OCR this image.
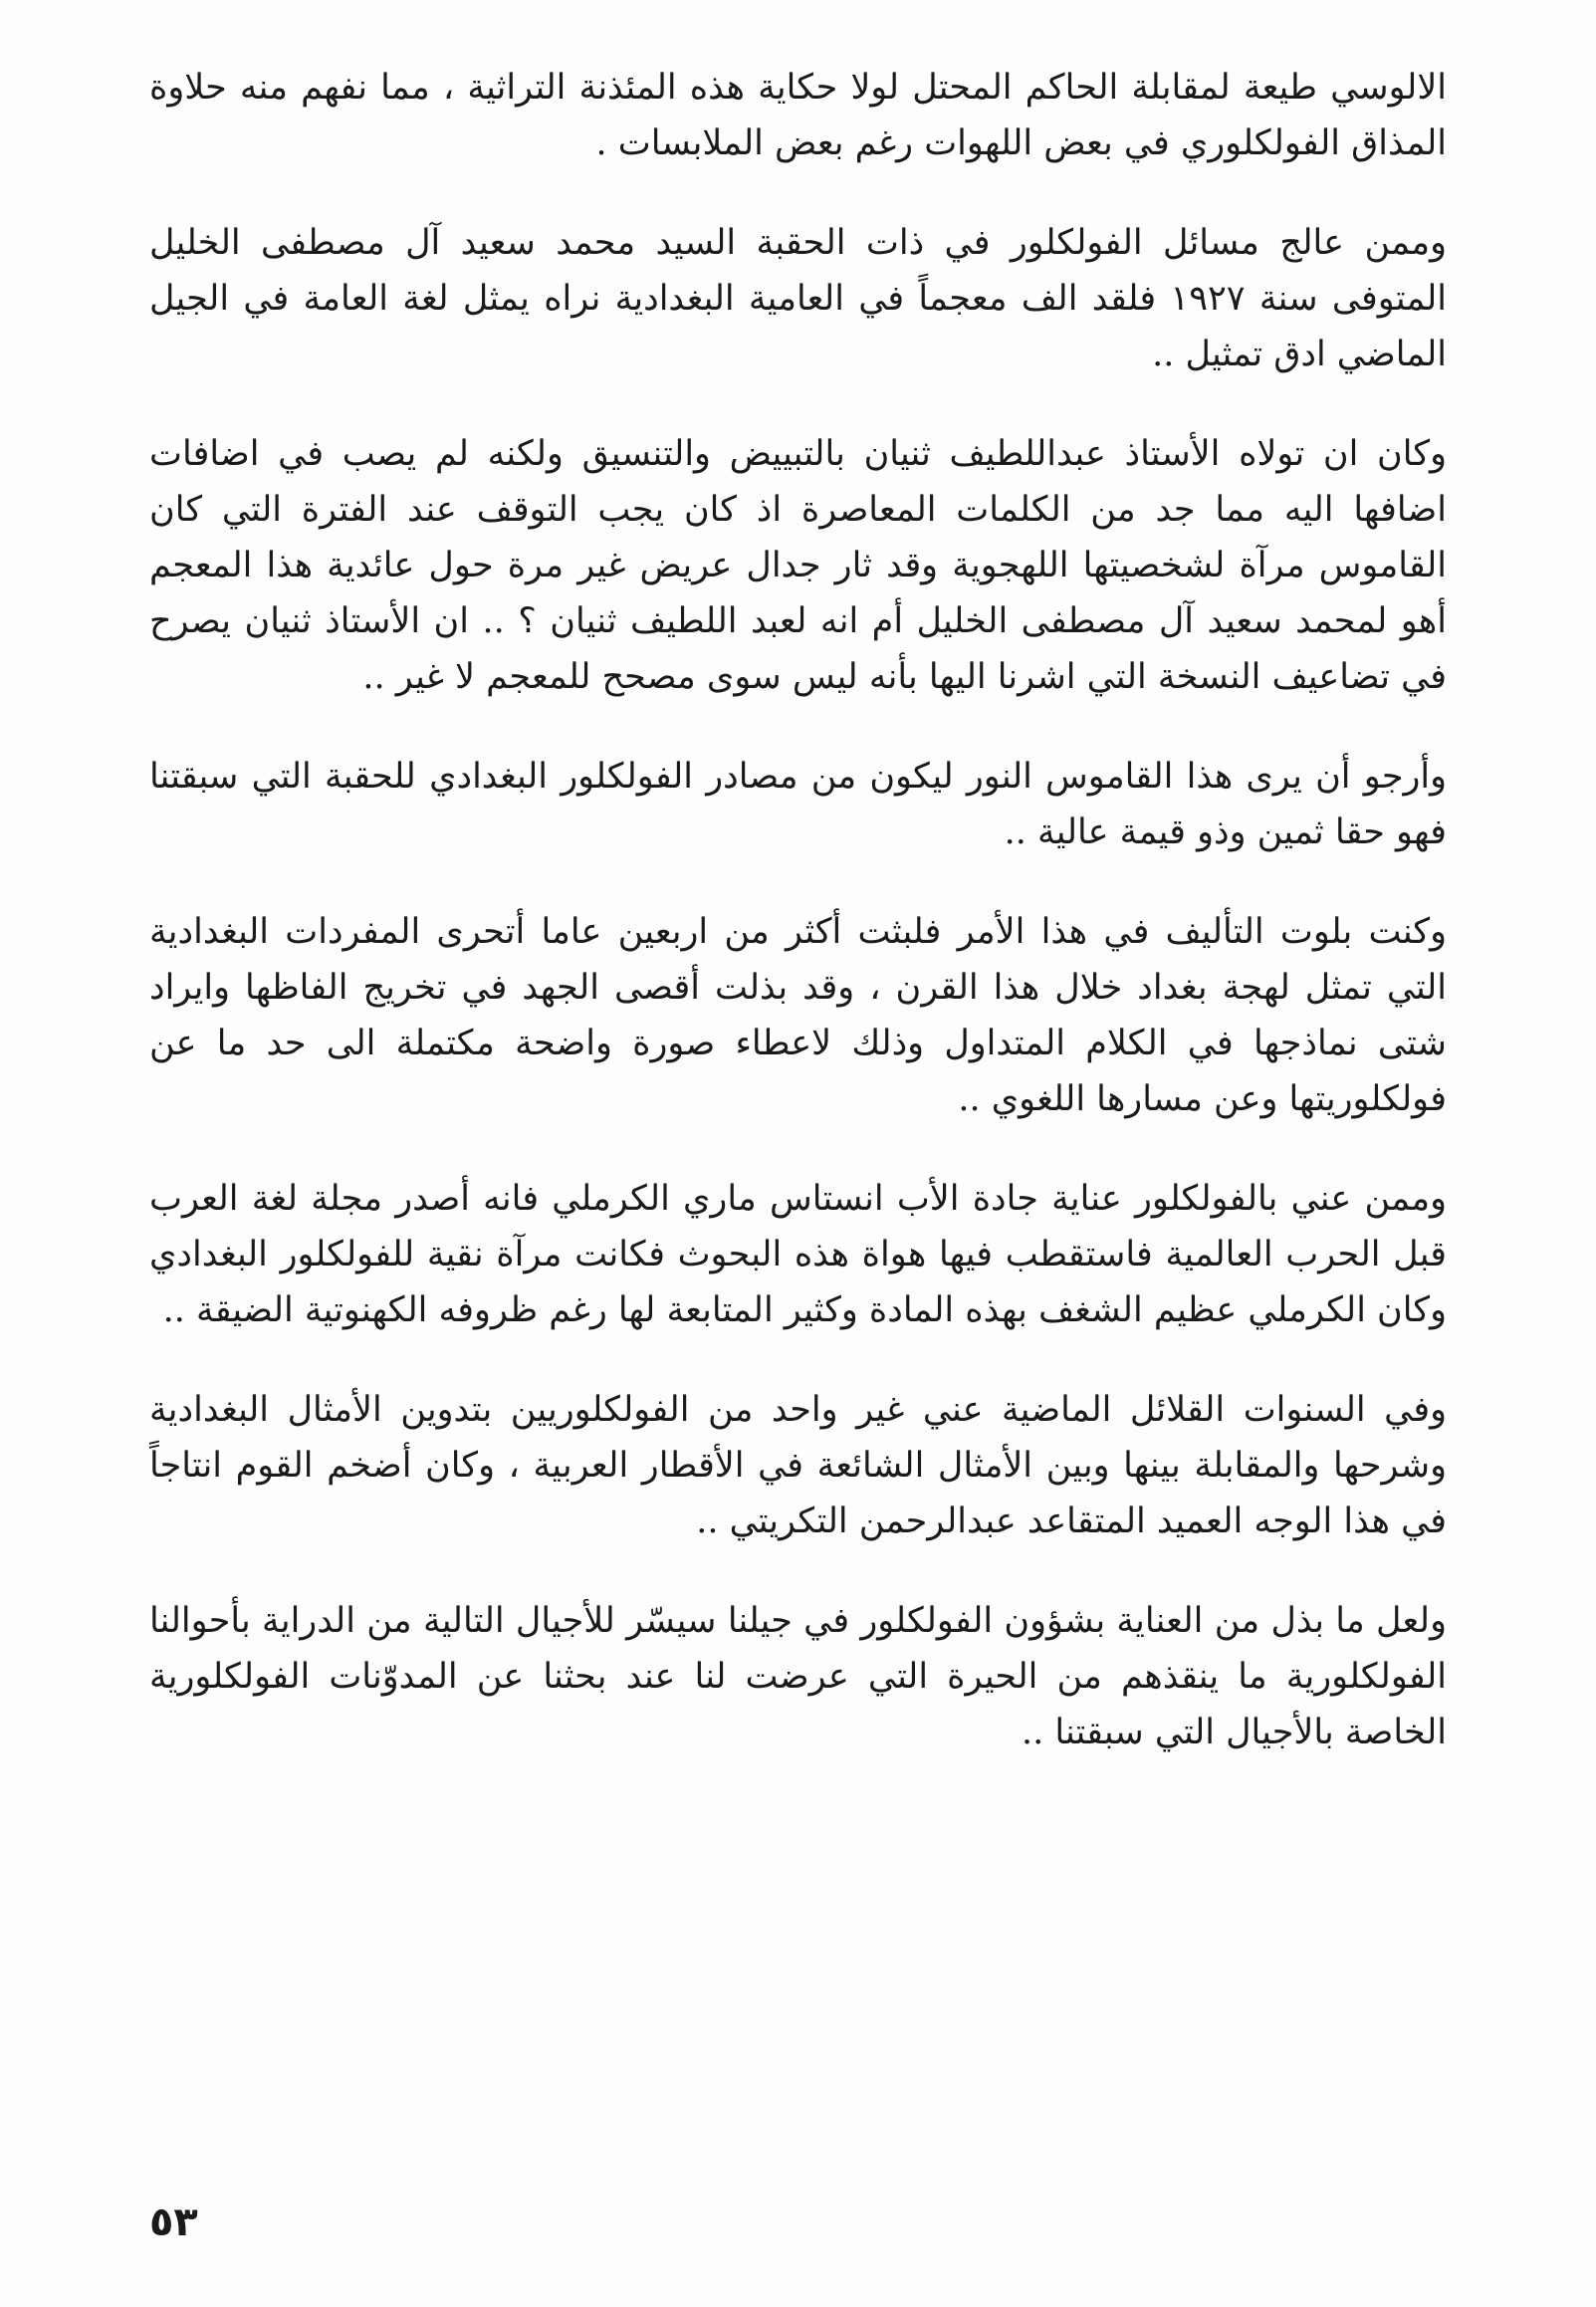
الالوسي طيعة لمقابلة الحاكم المحتل لولا حكاية هذه المئذنة التراثية ، مما نفهم منه حلاوة المذاق الفولكلوري في بعض اللهوات رغم بعض الملابسات .

وممن عالج مسائل الفولكلور في ذات الحقبة السيد محمد سعيد آل مصطفى الخليل المتوفى سنة ١٩٢٧ فلقد الف معجماً في العامية البغدادية نراه يمثل لغة العامة في الجيل الماضي ادق تمثيل ..

وكان ان تولاه الأستاذ عبداللطيف ثنيان بالتبييض والتنسيق ولكنه لم يصب في اضافات اضافها اليه مما جد من الكلمات المعاصرة اذ كان يجب التوقف عند الفترة التي كان القاموس مرآة لشخصيتها اللهجوية وقد ثار جدال عريض غير مرة حول عائدية هذا المعجم أهو لمحمد سعيد آل مصطفى الخليل أم انه لعبد اللطيف ثنيان ؟ .. ان الأستاذ ثنيان يصرح في تضاعيف النسخة التي اشرنا اليها بأنه ليس سوى مصحح للمعجم لا غير ..

وأرجو أن يرى هذا القاموس النور ليكون من مصادر الفولكلور البغدادي للحقبة التي سبقتنا فهو حقا ثمين وذو قيمة عالية ..

وكنت بلوت التأليف في هذا الأمر فلبثت أكثر من اربعين عاما أتحرى المفردات البغدادية التي تمثل لهجة بغداد خلال هذا القرن ، وقد بذلت أقصى الجهد في تخريج الفاظها وايراد شتى نماذجها في الكلام المتداول وذلك لاعطاء صورة واضحة مكتملة الى حد ما عن فولكلوريتها وعن مسارها اللغوي ..

وممن عني بالفولكلور عناية جادة الأب انستاس ماري الكرملي فانه أصدر مجلة لغة العرب قبل الحرب العالمية فاستقطب فيها هواة هذه البحوث فكانت مرآة نقية للفولكلور البغدادي وكان الكرملي عظيم الشغف بهذه المادة وكثير المتابعة لها رغم ظروفه الكهنوتية الضيقة ..

وفي السنوات القلائل الماضية عني غير واحد من الفولكلوريين بتدوين الأمثال البغدادية وشرحها والمقابلة بينها وبين الأمثال الشائعة في الأقطار العربية ، وكان أضخم القوم انتاجاً في هذا الوجه العميد المتقاعد عبدالرحمن التكريتي ..

ولعل ما بذل من العناية بشؤون الفولكلور في جيلنا سيسّر للأجيال التالية من الدراية بأحوالنا الفولكلورية ما ينقذهم من الحيرة التي عرضت لنا عند بحثنا عن المدوّنات الفولكلورية الخاصة بالأجيال التي سبقتنا ..

٥٣
